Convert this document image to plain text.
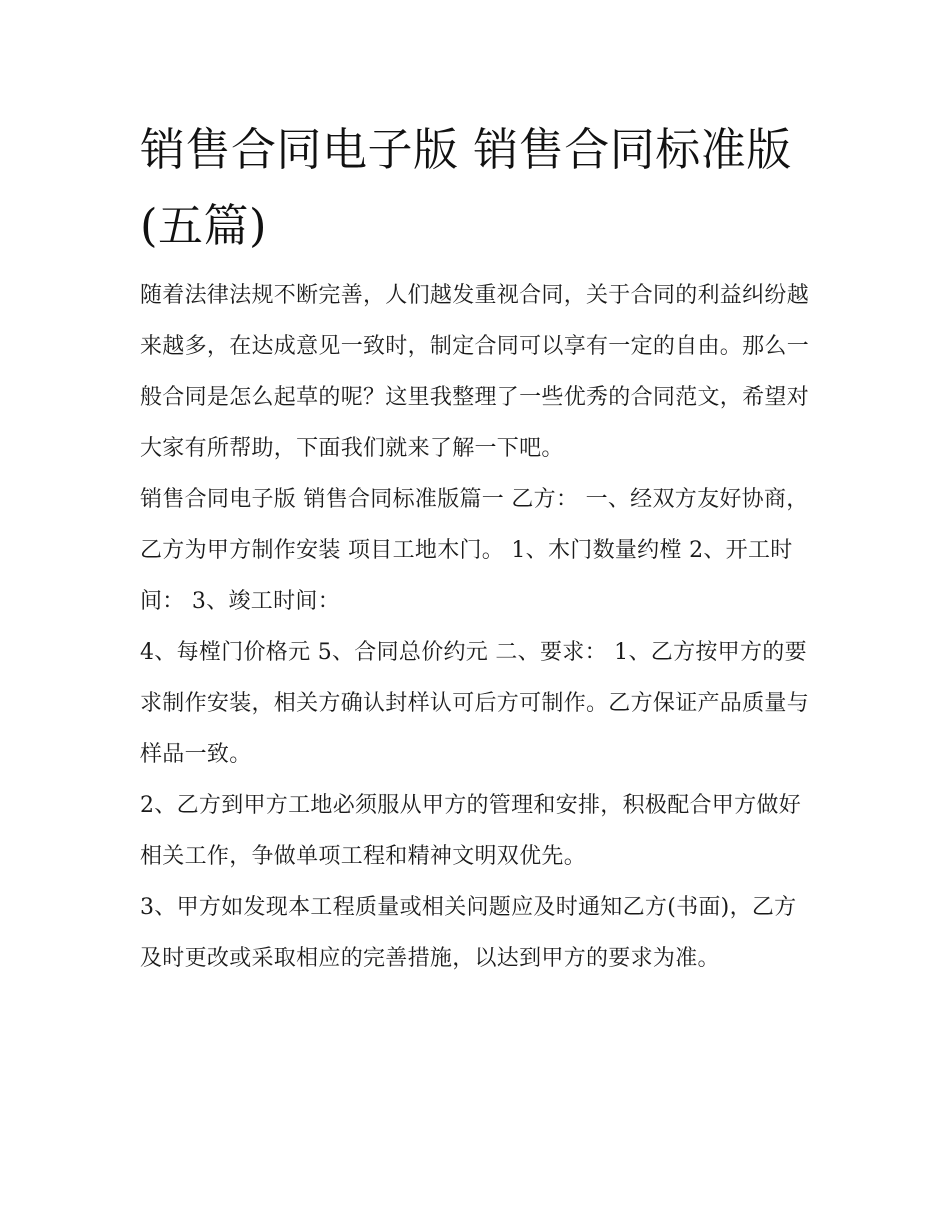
销售合同电子版 销售合同标准版(五篇)

随着法律法规不断完善，人们越发重视合同，关于合同的利益纠纷越来越多，在达成意见一致时，制定合同可以享有一定的自由。那么一般合同是怎么起草的呢？这里我整理了一些优秀的合同范文，希望对大家有所帮助，下面我们就来了解一下吧。

销售合同电子版 销售合同标准版篇一 乙方： 一、经双方友好协商，乙方为甲方制作安装 项目工地木门。 1、木门数量约樘 2、开工时间： 3、竣工时间：

4、每樘门价格元 5、合同总价约元 二、要求： 1、乙方按甲方的要求制作安装，相关方确认封样认可后方可制作。乙方保证产品质量与样品一致。

2、乙方到甲方工地必须服从甲方的管理和安排，积极配合甲方做好相关工作，争做单项工程和精神文明双优先。

3、甲方如发现本工程质量或相关问题应及时通知乙方(书面)，乙方及时更改或采取相应的完善措施，以达到甲方的要求为准。
